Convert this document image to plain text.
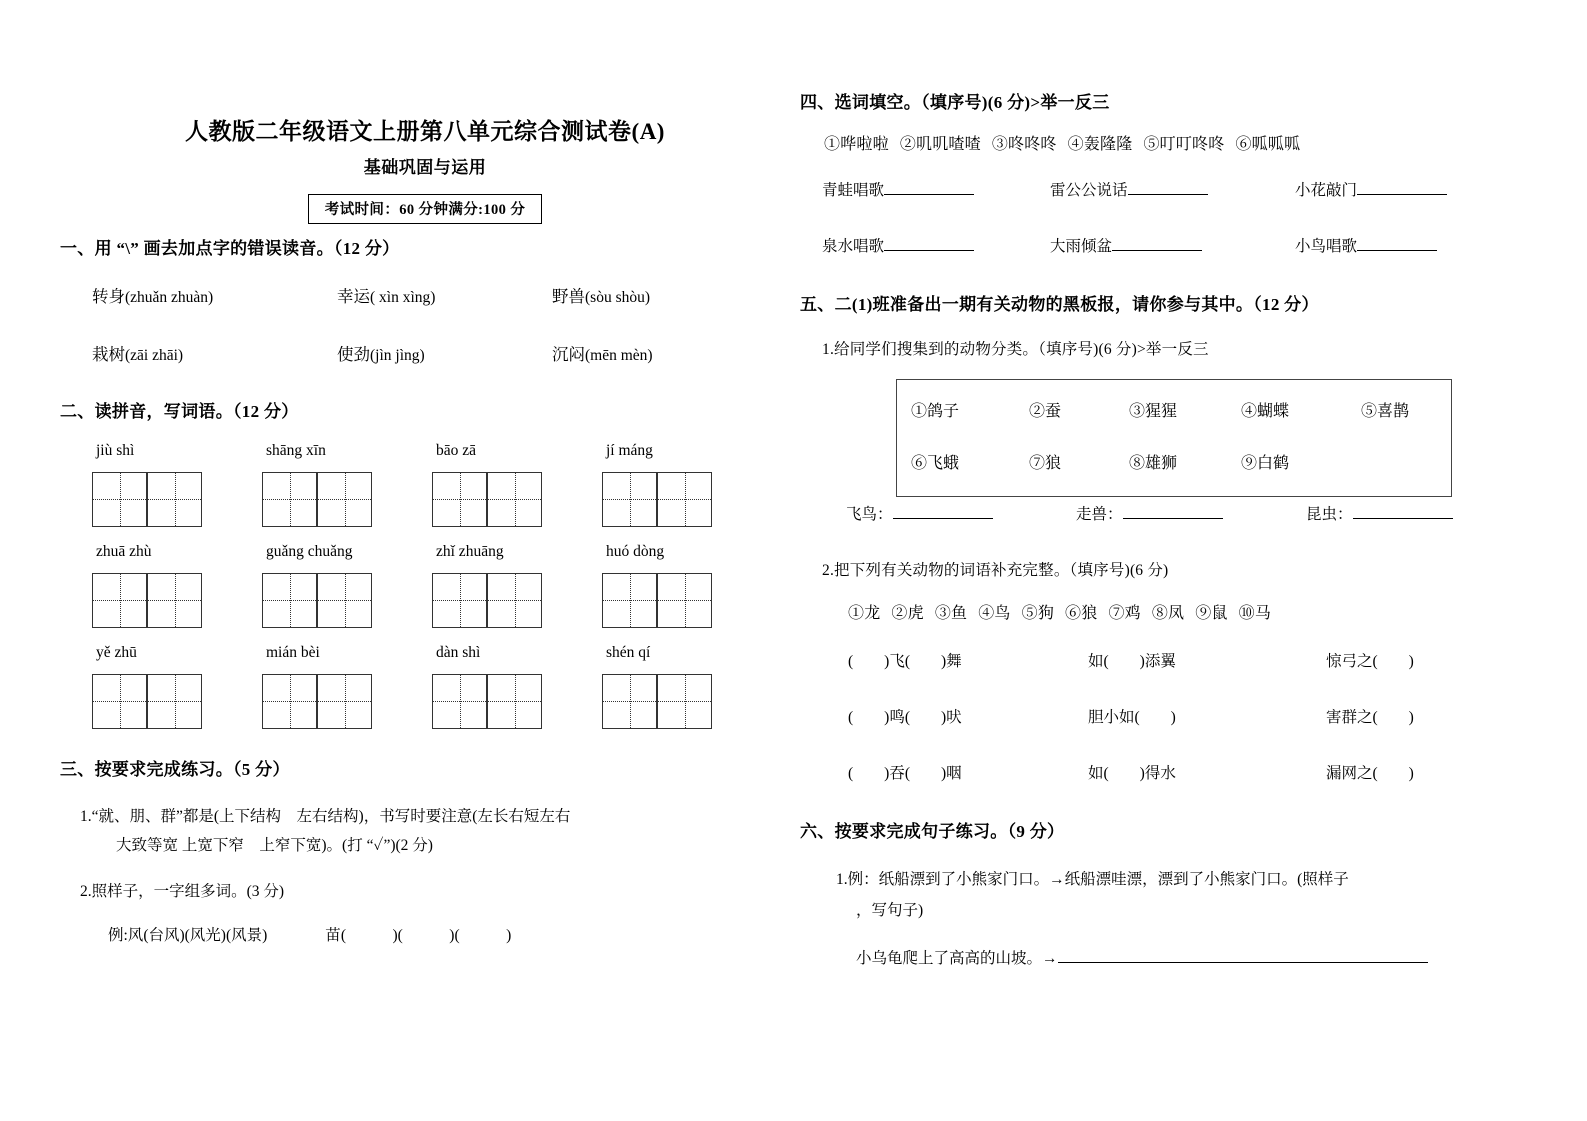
人教版二年级语文上册第八单元综合测试卷(A)
基础巩固与运用
考试时间：60 分钟满分:100 分
一、用 “\” 画去加点字的错误读音。（12 分）
转身(zhuǎn zhuàn)	幸运( xìn xìng)	野兽(sòu shòu)
栽树(zāi zhāi)	使劲(jìn jìng)	沉闷(mēn mèn)
二、读拼音，写词语。（12 分）
jiù shì	shāng xīn	bāo zā	jí máng
zhuā zhù	guǎng chuǎng	zhǐ zhuāng	huó dòng
yě zhū	mián bèi	dàn shì	shén qí
三、按要求完成练习。（5 分）
1.“就、朋、群”都是(上下结构　左右结构)，书写时要注意(左长右短左右
大致等宽 上宽下窄　上窄下宽)。(打 “✓”)(2 分)
2.照样子，一字组多词。(3 分)
例:风(台风)(风光)(风景)	苗(　　　)(　　　)(　　　)
四、选词填空。（填序号)(6 分)>举一反三
①哗啦啦 ②叽叽喳喳 ③咚咚咚 ④轰隆隆 ⑤叮叮咚咚 ⑥呱呱呱
青蛙唱歌	雷公公说话	小花敲门
泉水唱歌	大雨倾盆	小鸟唱歌
五、二(1)班准备出一期有关动物的黑板报，请你参与其中。（12 分）
1.给同学们搜集到的动物分类。（填序号)(6 分)>举一反三
①鸽子	②蚕	③猩猩	④蝴蝶	⑤喜鹊
⑥飞蛾	⑦狼	⑧雄狮	⑨白鹤
飞鸟：	走兽：	昆虫：
2.把下列有关动物的词语补充完整。（填序号)(6 分)
①龙 ②虎 ③鱼 ④鸟 ⑤狗 ⑥狼 ⑦鸡 ⑧凤 ⑨鼠 ⑩马
(　　)飞(　　)舞	如(　　)添翼	惊弓之(　　)
(　　)鸣(　　)吠	胆小如(　　)	害群之(　　)
(　　)吞(　　)咽	如(　　)得水	漏网之(　　)
六、按要求完成句子练习。（9 分）
1.例：纸船漂到了小熊家门口。→纸船漂哇漂，漂到了小熊家门口。(照样子
，写句子)
小乌龟爬上了高高的山坡。→
